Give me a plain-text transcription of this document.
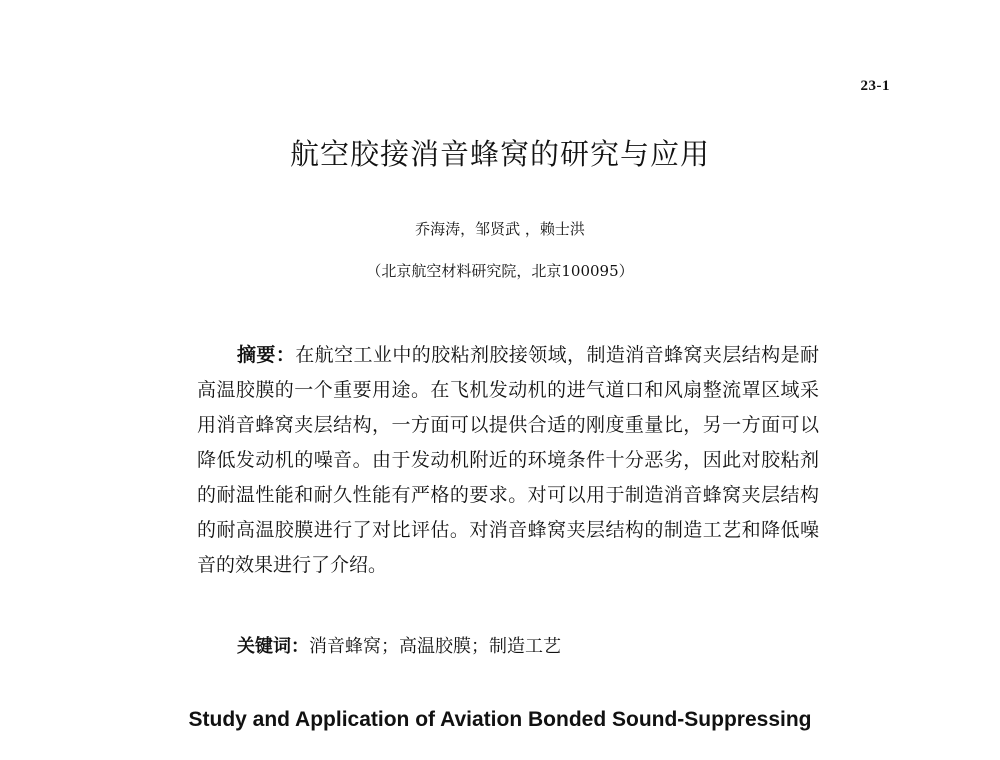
23-1
航空胶接消音蜂窝的研究与应用
乔海涛，邹贤武 ，赖士洪
（北京航空材料研究院，北京100095）

摘要：在航空工业中的胶粘剂胶接领域，制造消音蜂窝夹层结构是耐高温胶膜的一个重要用途。在飞机发动机的进气道口和风扇整流罩区域采用消音蜂窝夹层结构，一方面可以提供合适的刚度重量比，另一方面可以降低发动机的噪音。由于发动机附近的环境条件十分恶劣，因此对胶粘剂的耐温性能和耐久性能有严格的要求。对可以用于制造消音蜂窝夹层结构的耐高温胶膜进行了对比评估。对消音蜂窝夹层结构的制造工艺和降低噪音的效果进行了介绍。

关键词：消音蜂窝；高温胶膜；制造工艺
Study and Application of Aviation Bonded Sound-Suppressing
